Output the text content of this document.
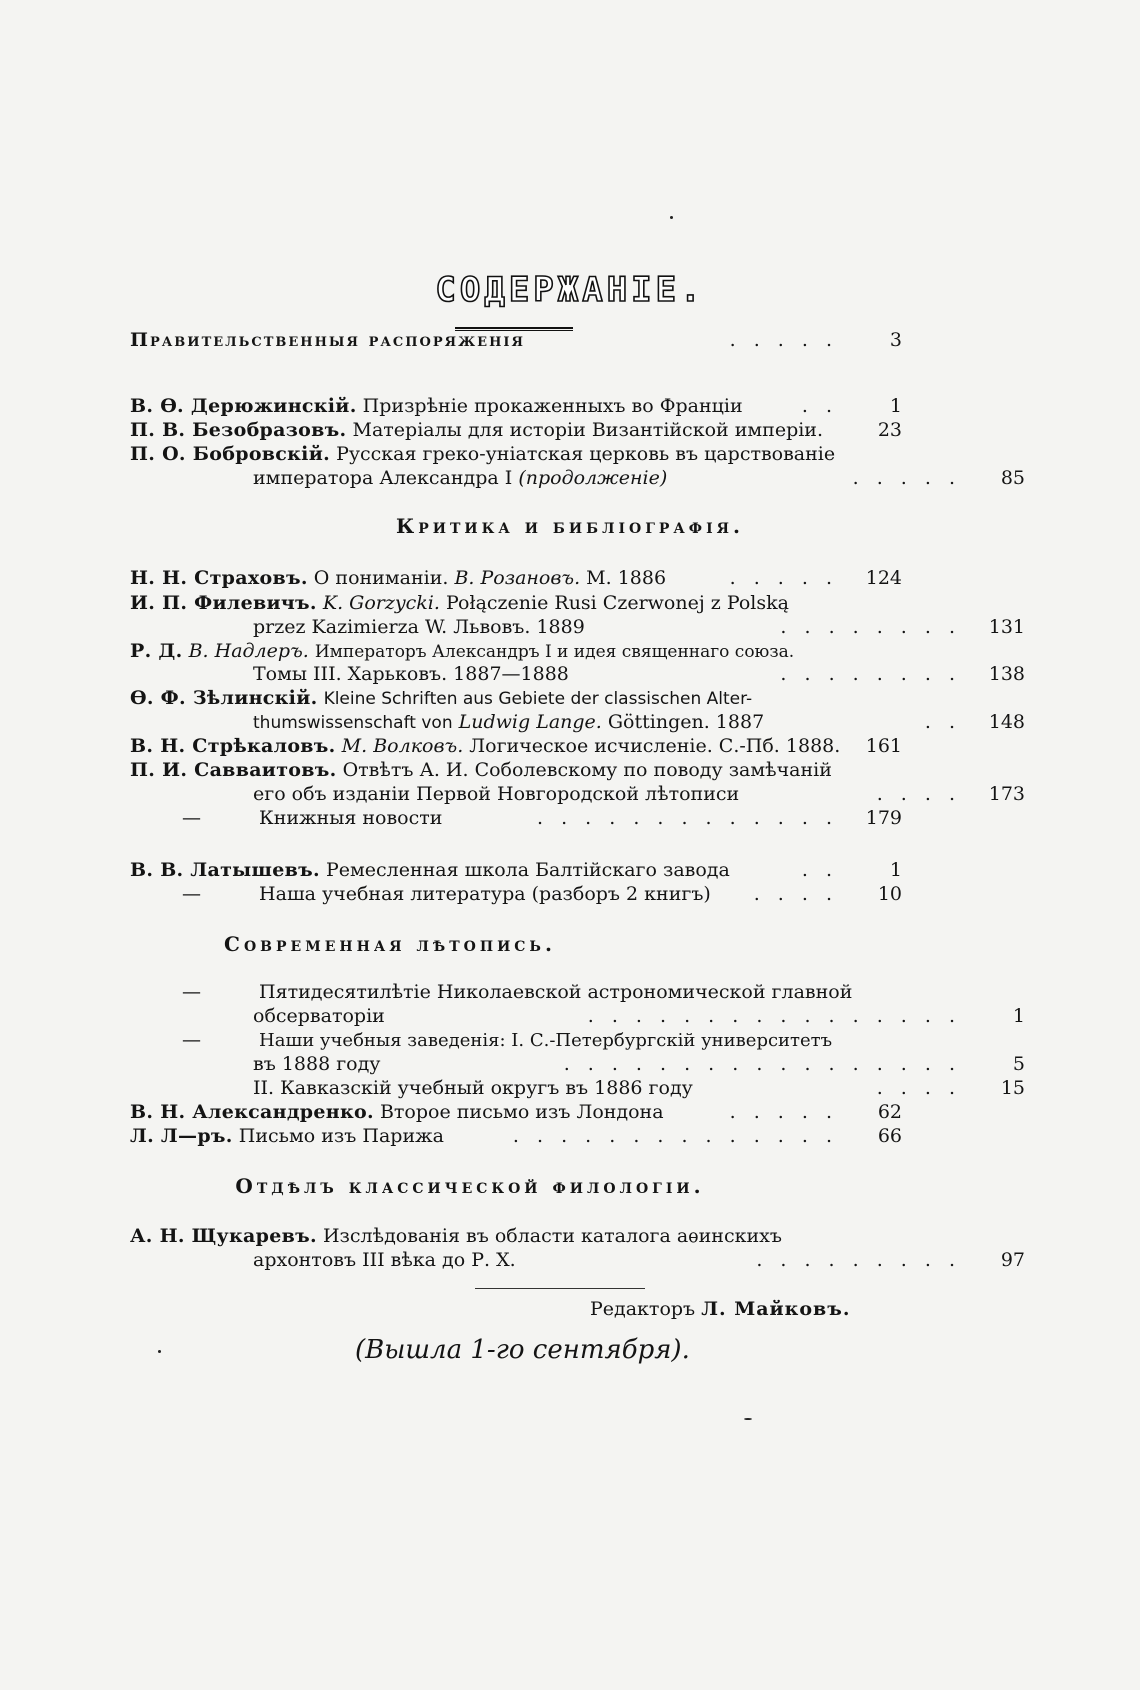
СОДЕРЖАНІЕ.
Правительственныя распоряженія	. . . . .	3
В. Ѳ. Дерюжинскій. Призрѣніе прокаженныхъ во Франціи	. .	1
П. В. Безобразовъ. Матеріалы для исторіи Византійской имперіи.	23
П. О. Бобровскій. Русская греко-уніатская церковь въ царствованіе
императора Александра I (продолженіе)	. . . . .	85
Критика и библіографія.
Н. Н. Страховъ. О пониманіи. В. Розановъ. М. 1886	. . . . .	124
И. П. Филевичъ. K. Gorzycki. Połączenie Rusi Czerwonej z Polską
przez Kazimierza W. Львовъ. 1889	. . . . . . . .	131
Р. Д. В. Надлеръ. Императоръ Александръ I и идея священнаго союза.
Томы III. Харьковъ. 1887—1888	. . . . . . . .	138
Ѳ. Ф. Зѣлинскій. Kleine Schriften aus Gebiete der classischen Alter-
thumswissenschaft von Ludwig Lange. Göttingen. 1887	. .	148
В. Н. Стрѣкаловъ. М. Волковъ. Логическое исчисленіе. С.-Пб. 1888.	161
П. И. Савваитовъ. Отвѣтъ А. И. Соболевскому по поводу замѣчаній
его объ изданіи Первой Новгородской лѣтописи	. . . .	173
—	Книжныя новости	. . . . . . . . . . . . .	179
В. В. Латышевъ. Ремесленная школа Балтійскаго завода	. .	1
—	Наша учебная литература (разборъ 2 книгъ) . . . .	10
Современная лѣтопись.
—	Пятидесятилѣтіе Николаевской астрономической главной
обсерваторіи	. . . . . . . . . . . . . . . .	1
—	Наши учебныя заведенія: I. С.-Петербургскій университетъ
въ 1888 году	. . . . . . . . . . . . . . . . .	5
II. Кавказскій учебный округъ въ 1886 году	. . . .	15
В. Н. Александренко. Второе письмо изъ Лондона	. . . . .	62
Л. Л—ръ. Письмо изъ Парижа	. . . . . . . . . . . . . .	66
Отдѣлъ классической филологіи.
А. Н. Щукаревъ. Изслѣдованія въ области каталога аѳинскихъ
архонтовъ III вѣка до Р. Х.	. . . . . . . . .	97
Редакторъ Л. Майковъ.
(Вышла 1-го сентября).
